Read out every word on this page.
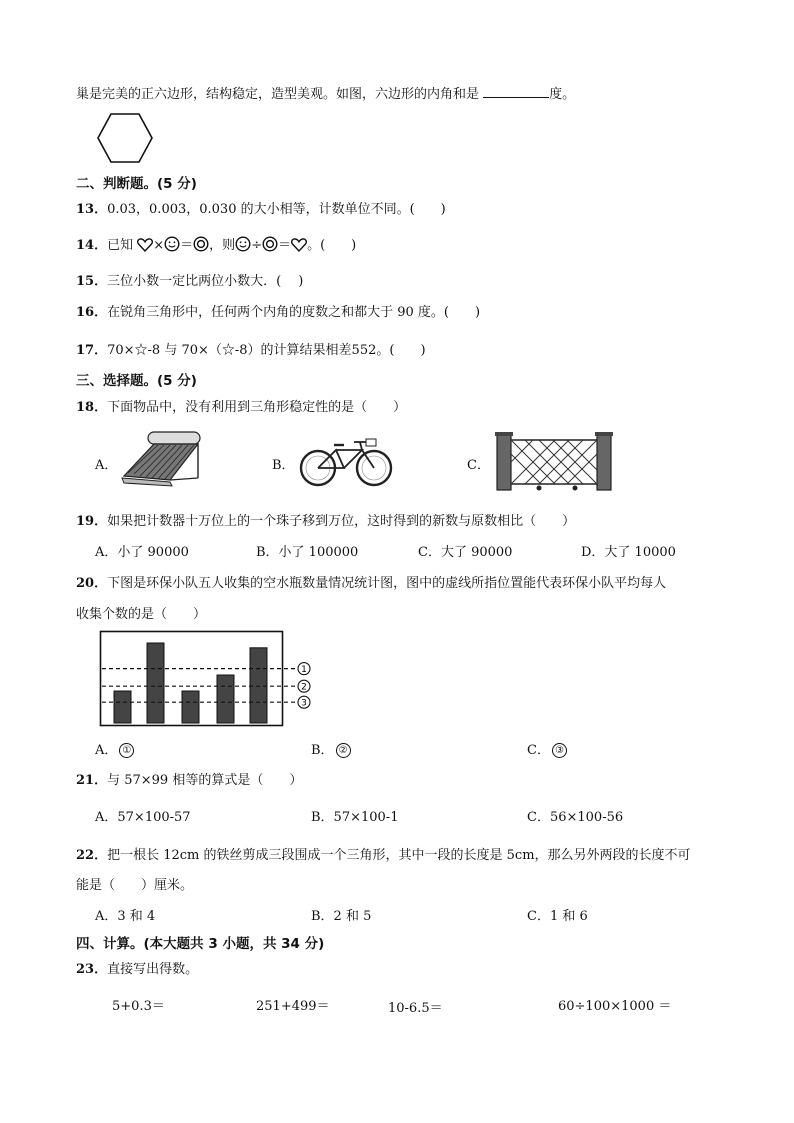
巢是完美的正六边形，结构稳定，造型美观。如图，六边形的内角和是	度。
二、判断题。(5 分)
13．0.03，0.003，0.030 的大小相等，计数单位不同。(　　)
14．已知 × ＝ ，则 ÷ ＝ 。(　　)
15．三位小数一定比两位小数大．(　 )
16．在锐角三角形中，任何两个内角的度数之和都大于 90 度。(　　)
17．70×☆-8 与 70×（☆-8）的计算结果相差552。(　　)
三、选择题。(5 分)
18．下面物品中，没有利用到三角形稳定性的是（　　）
A．	B．	C．
19．如果把计数器十万位上的一个珠子移到万位，这时得到的新数与原数相比（　　）
A．小了 90000	B．小了 100000	C．大了 90000	D．大了 10000
20．下图是环保小队五人收集的空水瓶数量情况统计图，图中的虚线所指位置能代表环保小队平均每人
收集个数的是（　　）
1
2
3
A． ①	B． ②	C． ③
21．与 57×99 相等的算式是（　　）
A．57×100-57	B．57×100-1	C．56×100-56
22．把一根长 12cm 的铁丝剪成三段围成一个三角形，其中一段的长度是 5cm，那么另外两段的长度不可
能是（　　）厘米。
A．3 和 4	B．2 和 5	C．1 和 6
四、计算。(本大题共 3 小题，共 34 分)
23．直接写出得数。
5+0.3＝	251+499＝	10-6.5＝	60÷100×1000 ＝
